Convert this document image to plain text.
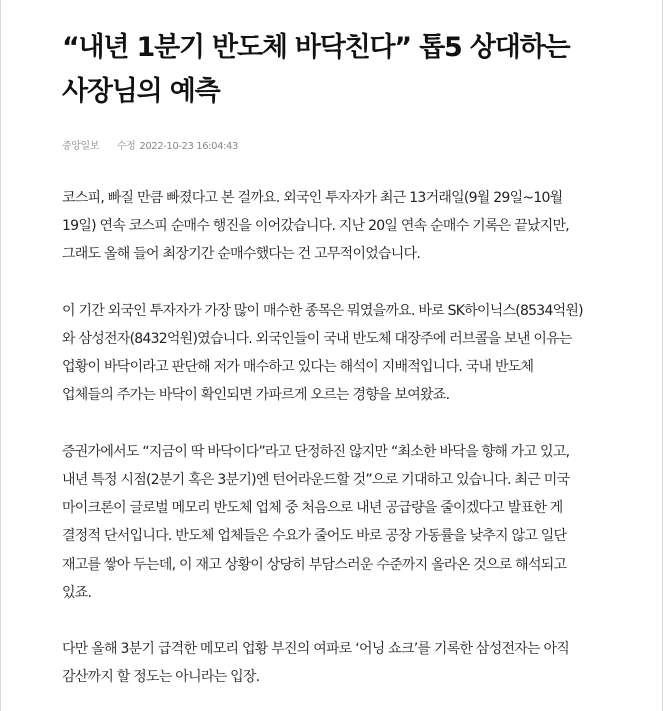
“내년 1분기 반도체 바닥친다” 톱5 상대하는 사장님의 예측
중앙일보 수정 2022-10-23 16:04:43

코스피, 빠질 만큼 빠졌다고 본 걸까요. 외국인 투자자가 최근 13거래일(9월 29일~10월
19일) 연속 코스피 순매수 행진을 이어갔습니다. 지난 20일 연속 순매수 기록은 끝났지만,
그래도 올해 들어 최장기간 순매수했다는 건 고무적이었습니다.

이 기간 외국인 투자자가 가장 많이 매수한 종목은 뭐였을까요. 바로 SK하이닉스(8534억원)
와 삼성전자(8432억원)였습니다. 외국인들이 국내 반도체 대장주에 러브콜을 보낸 이유는
업황이 바닥이라고 판단해 저가 매수하고 있다는 해석이 지배적입니다. 국내 반도체
업체들의 주가는 바닥이 확인되면 가파르게 오르는 경향을 보여왔죠.

증권가에서도 “지금이 딱 바닥이다”라고 단정하진 않지만 “최소한 바닥을 향해 가고 있고,
내년 특정 시점(2분기 혹은 3분기)엔 턴어라운드할 것”으로 기대하고 있습니다. 최근 미국
마이크론이 글로벌 메모리 반도체 업체 중 처음으로 내년 공급량을 줄이겠다고 발표한 게
결정적 단서입니다. 반도체 업체들은 수요가 줄어도 바로 공장 가동률을 낮추지 않고 일단
재고를 쌓아 두는데, 이 재고 상황이 상당히 부담스러운 수준까지 올라온 것으로 해석되고
있죠.

다만 올해 3분기 급격한 메모리 업황 부진의 여파로 ‘어닝 쇼크’를 기록한 삼성전자는 아직
감산까지 할 정도는 아니라는 입장.
